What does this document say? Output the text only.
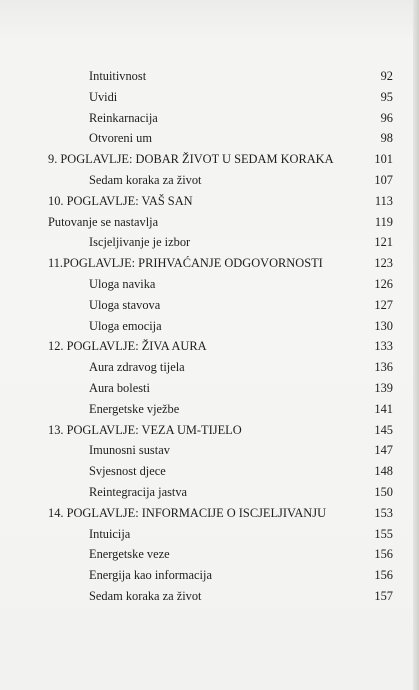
Intuitivnost	92
Uvidi	95
Reinkarnacija	96
Otvoreni um	98
9. POGLAVLJE: DOBAR ŽIVOT U SEDAM KORAKA	101
Sedam koraka za život	107
10. POGLAVLJE: VAŠ SAN	113
Putovanje se nastavlja	119
Iscjeljivanje je izbor	121
11.POGLAVLJE: PRIHVAĆANJE ODGOVORNOSTI	123
Uloga navika	126
Uloga stavova	127
Uloga emocija	130
12. POGLAVLJE: ŽIVA AURA	133
Aura zdravog tijela	136
Aura bolesti	139
Energetske vježbe	141
13. POGLAVLJE: VEZA UM-TIJELO	145
Imunosni sustav	147
Svjesnost djece	148
Reintegracija jastva	150
14. POGLAVLJE: INFORMACIJE O ISCJELJIVANJU	153
Intuicija	155
Energetske veze	156
Energija kao informacija	156
Sedam koraka za život	157
